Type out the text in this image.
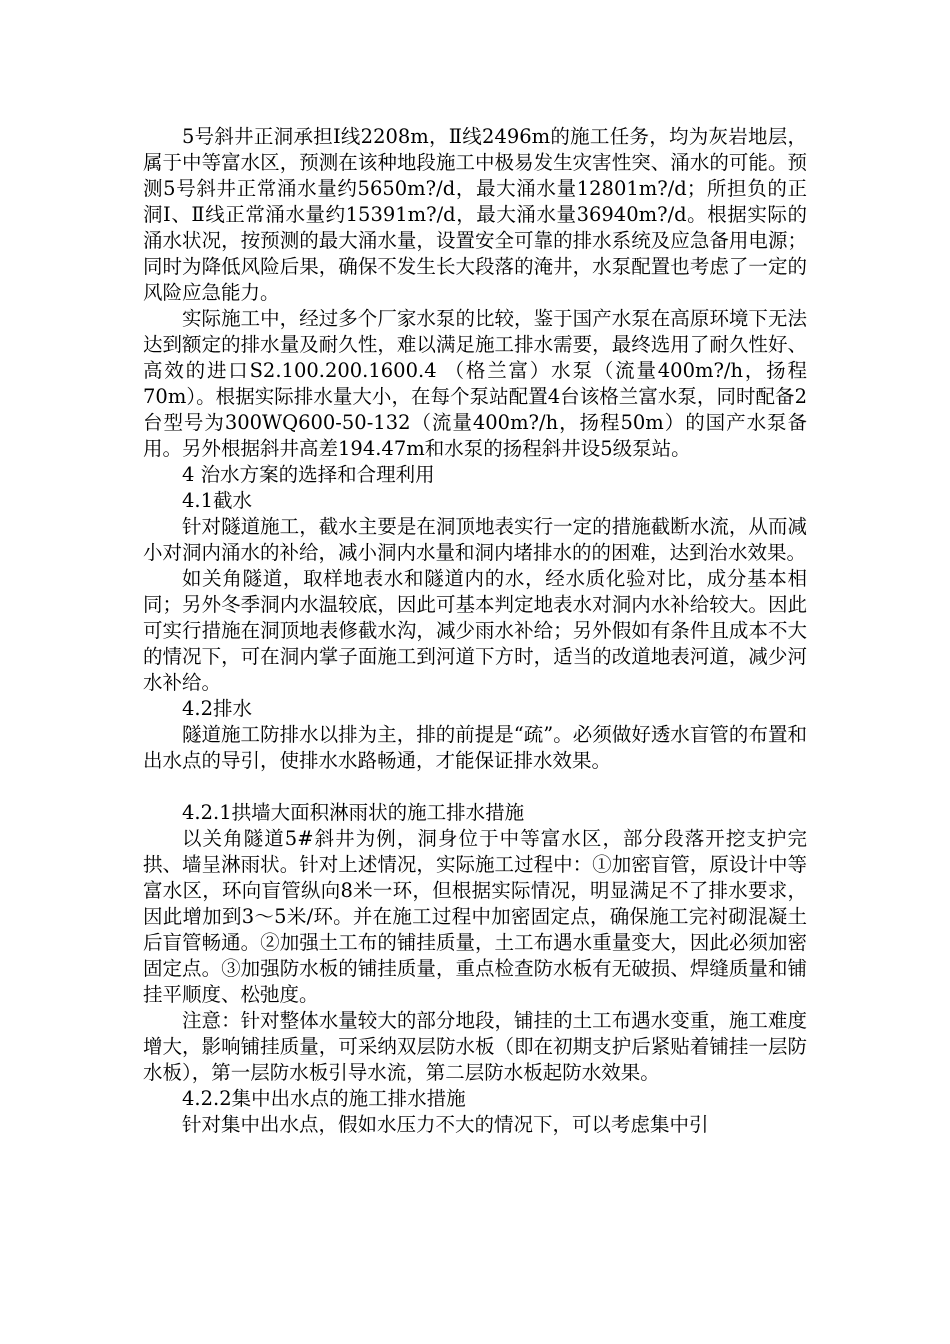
5号斜井正洞承担Ⅰ线2208m，Ⅱ线2496m的施工任务，均为灰岩地层，属于中等富水区，预测在该种地段施工中极易发生灾害性突、涌水的可能。预测5号斜井正常涌水量约5650m?/d，最大涌水量12801m?/d；所担负的正洞Ⅰ、Ⅱ线正常涌水量约15391m?/d，最大涌水量36940m?/d。根据实际的涌水状况，按预测的最大涌水量，设置安全可靠的排水系统及应急备用电源；同时为降低风险后果，确保不发生长大段落的淹井，水泵配置也考虑了一定的风险应急能力。

实际施工中，经过多个厂家水泵的比较，鉴于国产水泵在高原环境下无法达到额定的排水量及耐久性，难以满足施工排水需要，最终选用了耐久性好、高效的进口S2.100.200.1600.4 （格兰富）水泵（流量400m?/h，扬程70m）。根据实际排水量大小，在每个泵站配置4台该格兰富水泵，同时配备2台型号为300WQ600-50-132（流量400m?/h，扬程50m）的国产水泵备用。另外根据斜井高差194.47m和水泵的扬程斜井设5级泵站。

4 治水方案的选择和合理利用

4.1截水

针对隧道施工，截水主要是在洞顶地表实行一定的措施截断水流，从而减小对洞内涌水的补给，减小洞内水量和洞内堵排水的的困难，达到治水效果。

如关角隧道，取样地表水和隧道内的水，经水质化验对比，成分基本相同；另外冬季洞内水温较底，因此可基本判定地表水对洞内水补给较大。因此可实行措施在洞顶地表修截水沟，减少雨水补给；另外假如有条件且成本不大的情况下，可在洞内掌子面施工到河道下方时，适当的改道地表河道，减少河水补给。

4.2排水

隧道施工防排水以排为主，排的前提是“疏”。必须做好透水盲管的布置和出水点的导引，使排水水路畅通，才能保证排水效果。

4.2.1拱墙大面积淋雨状的施工排水措施

以关角隧道5#斜井为例，洞身位于中等富水区，部分段落开挖支护完拱、墙呈淋雨状。针对上述情况，实际施工过程中：①加密盲管，原设计中等富水区，环向盲管纵向8米一环，但根据实际情况，明显满足不了排水要求，因此增加到3～5米/环。并在施工过程中加密固定点，确保施工完衬砌混凝土后盲管畅通。②加强土工布的铺挂质量，土工布遇水重量变大，因此必须加密固定点。③加强防水板的铺挂质量，重点检查防水板有无破损、焊缝质量和铺挂平顺度、松弛度。

注意：针对整体水量较大的部分地段，铺挂的土工布遇水变重，施工难度增大，影响铺挂质量，可采纳双层防水板（即在初期支护后紧贴着铺挂一层防水板），第一层防水板引导水流，第二层防水板起防水效果。

4.2.2集中出水点的施工排水措施

针对集中出水点，假如水压力不大的情况下，可以考虑集中引
